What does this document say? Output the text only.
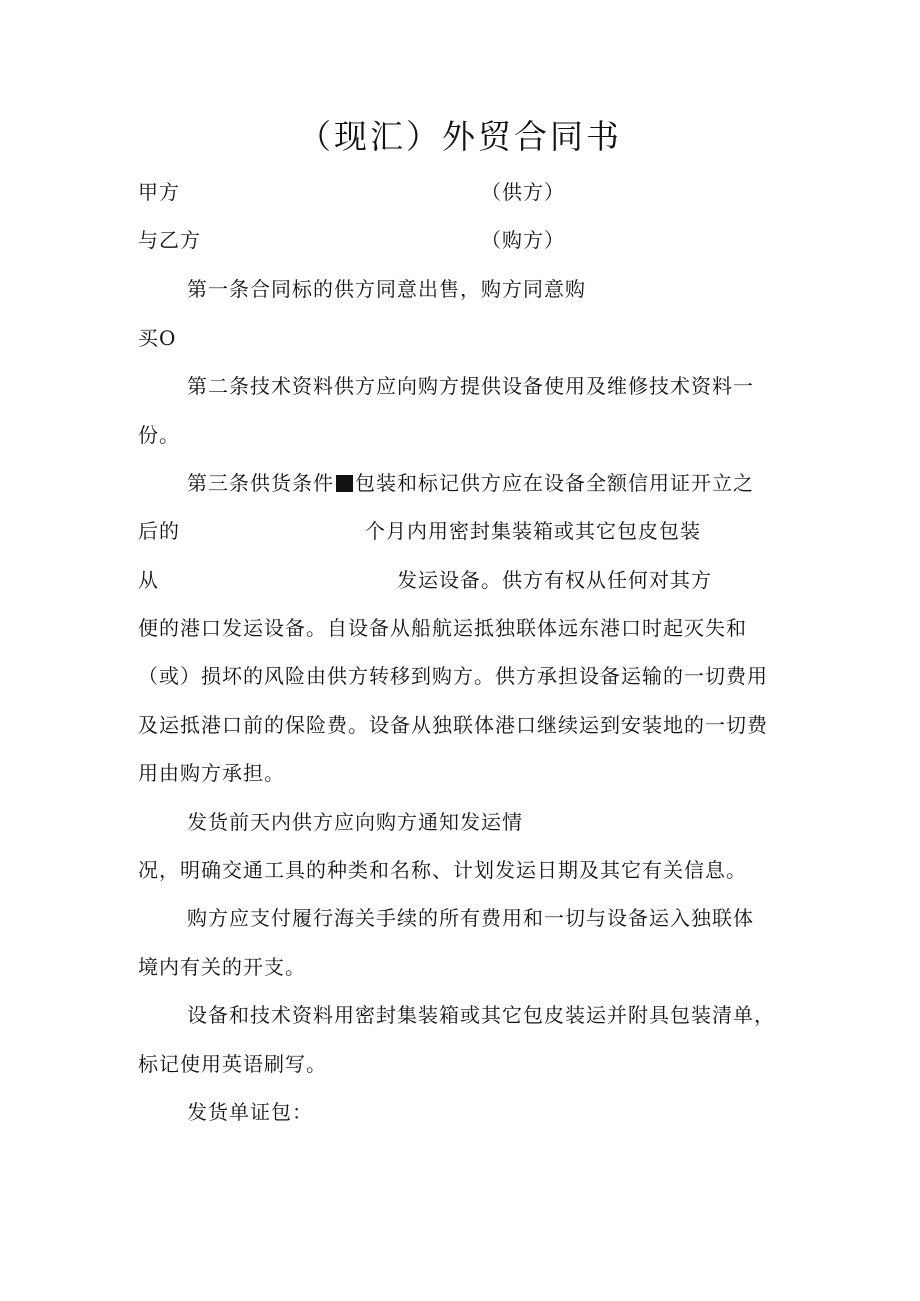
（现汇）外贸合同书
甲方	（供方）
与乙方	（购方）
第一条合同标的供方同意出售，购方同意购
买O
第二条技术资料供方应向购方提供设备使用及维修技术资料一
份。
第三条供货条件 包装和标记供方应在设备全额信用证开立之
后的	个月内用密封集装箱或其它包皮包装
从	发运设备。供方有权从任何对其方
便的港口发运设备。自设备从船航运抵独联体远东港口时起灭失和
（或）损坏的风险由供方转移到购方。供方承担设备运输的一切费用
及运抵港口前的保险费。设备从独联体港口继续运到安装地的一切费
用由购方承担。
发货前天内供方应向购方通知发运情
况，明确交通工具的种类和名称、计划发运日期及其它有关信息。
购方应支付履行海关手续的所有费用和一切与设备运入独联体
境内有关的开支。
设备和技术资料用密封集装箱或其它包皮装运并附具包装清单，
标记使用英语刷写。
发货单证包：
